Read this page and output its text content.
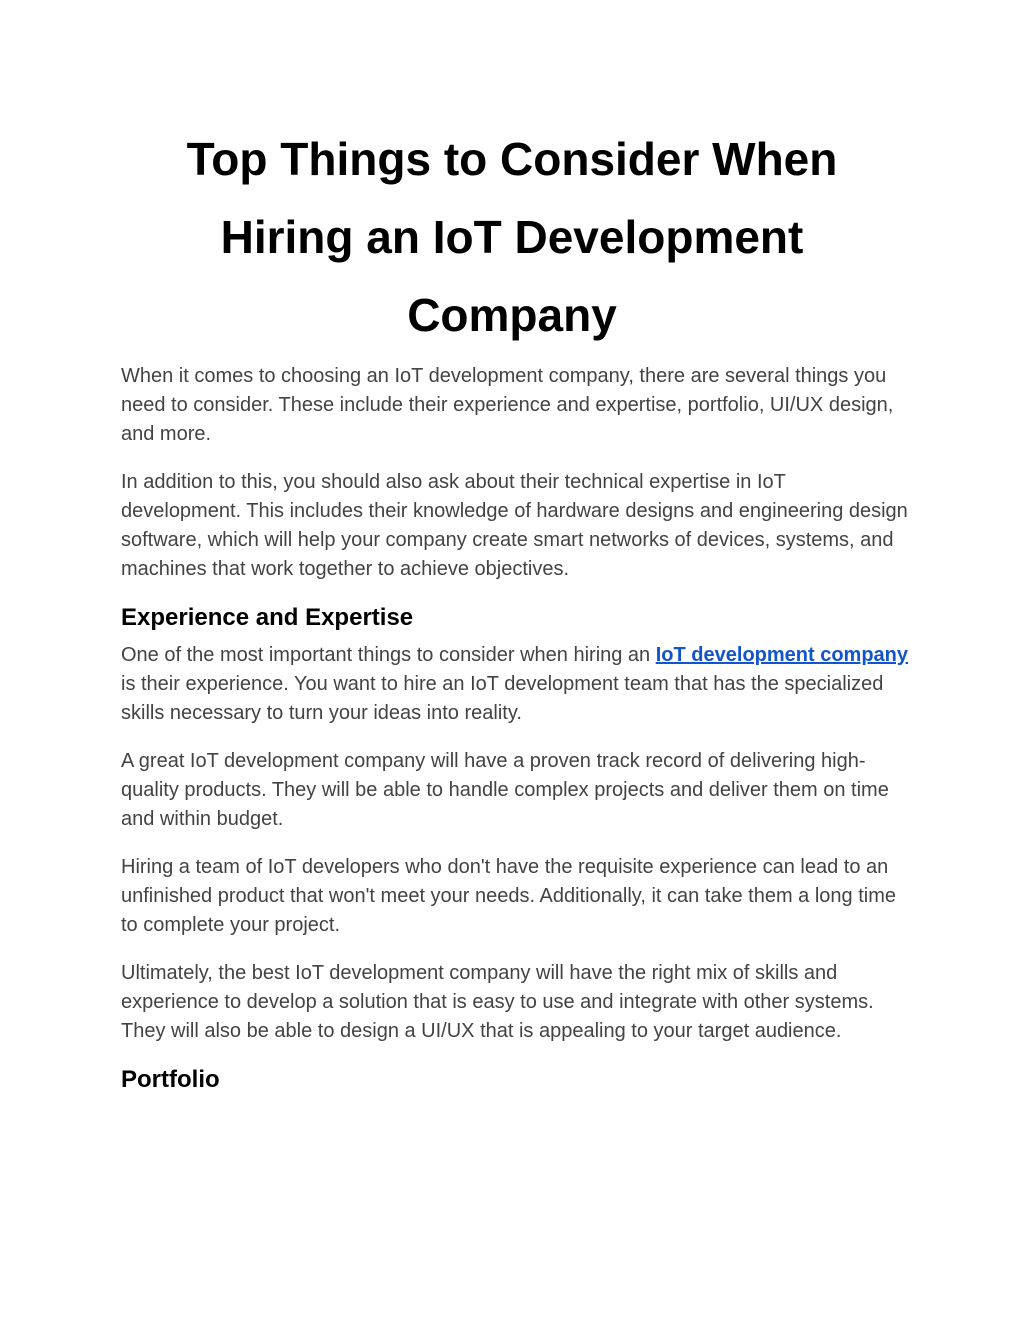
Top Things to Consider When
Hiring an IoT Development
Company

When it comes to choosing an IoT development company, there are several things you need to consider. These include their experience and expertise, portfolio, UI/UX design, and more.

In addition to this, you should also ask about their technical expertise in IoT development. This includes their knowledge of hardware designs and engineering design software, which will help your company create smart networks of devices, systems, and machines that work together to achieve objectives.

Experience and Expertise

One of the most important things to consider when hiring an IoT development company is their experience. You want to hire an IoT development team that has the specialized skills necessary to turn your ideas into reality.

A great IoT development company will have a proven track record of delivering high-quality products. They will be able to handle complex projects and deliver them on time and within budget.

Hiring a team of IoT developers who don't have the requisite experience can lead to an unfinished product that won't meet your needs. Additionally, it can take them a long time to complete your project.

Ultimately, the best IoT development company will have the right mix of skills and experience to develop a solution that is easy to use and integrate with other systems. They will also be able to design a UI/UX that is appealing to your target audience.

Portfolio
